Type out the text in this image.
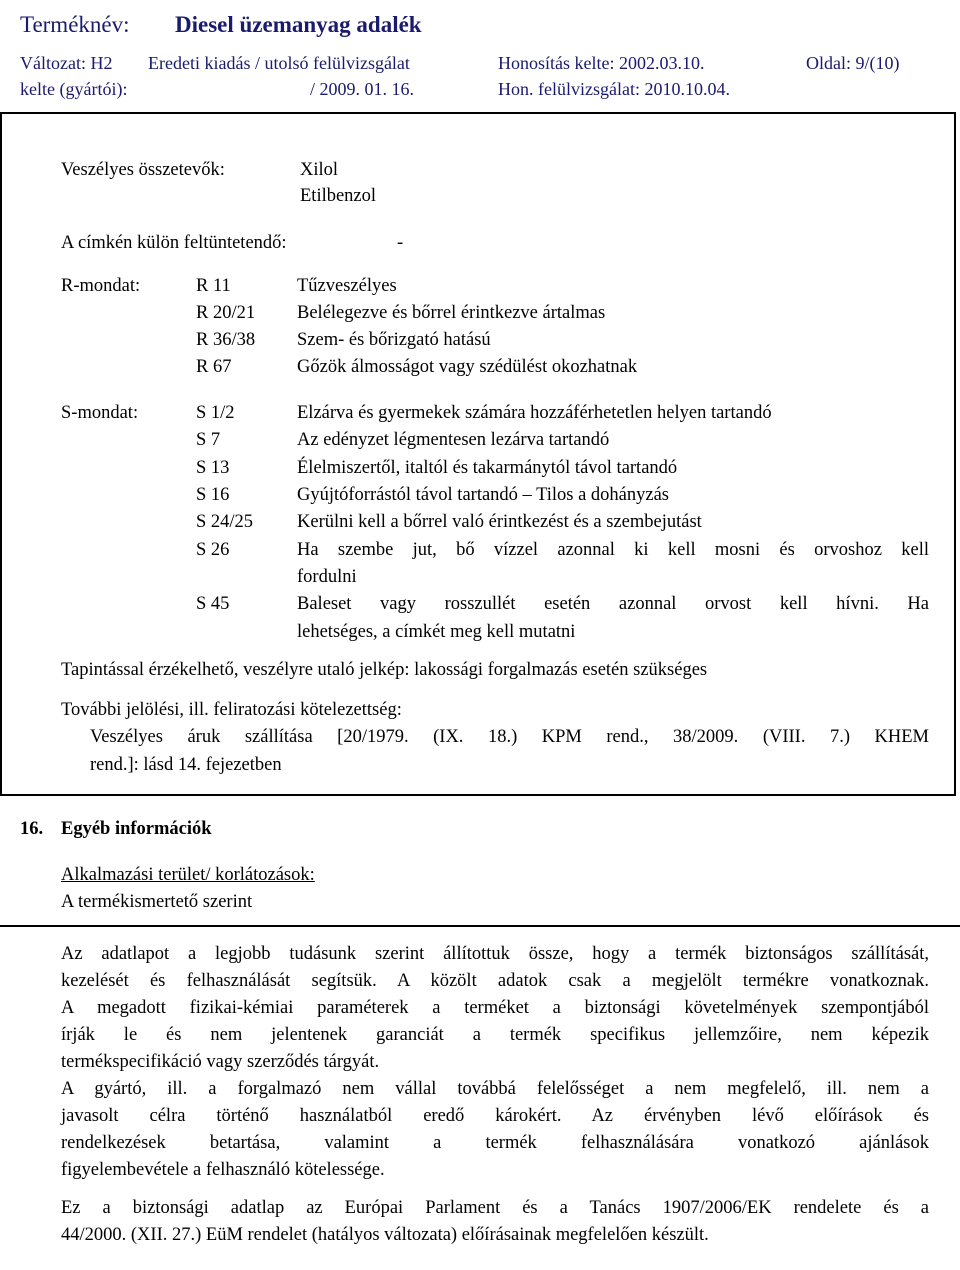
Terméknév: Diesel üzemanyag adalék
Változat: H2 Eredeti kiadás / utolsó felülvizsgálat	Honosítás kelte: 2002.03.10.	Oldal: 9/(10)
kelte (gyártói):	/ 2009. 01. 16.	Hon. felülvizsgálat: 2010.10.04.
Veszélyes összetevők:	Xilol
Etilbenzol
A címkén külön feltüntetendő:	-
R-mondat:	R 11	Tűzveszélyes
R 20/21 Belélegezve és bőrrel érintkezve ártalmas
R 36/38 Szem- és bőrizgató hatású
R 67	Gőzök álmosságot vagy szédülést okozhatnak
S-mondat:	S 1/2	Elzárva és gyermekek számára hozzáférhetetlen helyen tartandó
S 7	Az edényzet légmentesen lezárva tartandó
S 13	Élelmiszertől, italtól és takarmánytól távol tartandó
S 16	Gyújtóforrástól távol tartandó – Tilos a dohányzás
S 24/25 Kerülni kell a bőrrel való érintkezést és a szembejutást
S 26	Ha szembe jut, bő vízzel azonnal ki kell mosni és orvoshoz kell
fordulni
S 45	Baleset vagy rosszullét esetén azonnal orvost kell hívni. Ha
lehetséges, a címkét meg kell mutatni
Tapintással érzékelhető, veszélyre utaló jelkép: lakossági forgalmazás esetén szükséges
További jelölési, ill. feliratozási kötelezettség:
Veszélyes áruk szállítása [20/1979. (IX. 18.) KPM rend., 38/2009. (VIII. 7.) KHEM
rend.]: lásd 14. fejezetben
16. Egyéb információk
Alkalmazási terület/ korlátozások:
A termékismertető szerint
Az adatlapot a legjobb tudásunk szerint állítottuk össze, hogy a termék biztonságos szállítását,
kezelését és felhasználását segítsük. A közölt adatok csak a megjelölt termékre vonatkoznak.
A megadott fizikai-kémiai paraméterek a terméket a biztonsági követelmények szempontjából
írják le és nem jelentenek garanciát a termék specifikus jellemzőire, nem képezik
termékspecifikáció vagy szerződés tárgyát.
A gyártó, ill. a forgalmazó nem vállal továbbá felelősséget a nem megfelelő, ill. nem a
javasolt célra történő használatból eredő károkért. Az érvényben lévő előírások és
rendelkezések betartása, valamint a termék felhasználására vonatkozó ajánlások
figyelembevétele a felhasználó kötelessége.
Ez a biztonsági adatlap az Európai Parlament és a Tanács 1907/2006/EK rendelete és a
44/2000. (XII. 27.) EüM rendelet (hatályos változata) előírásainak megfelelően készült.
